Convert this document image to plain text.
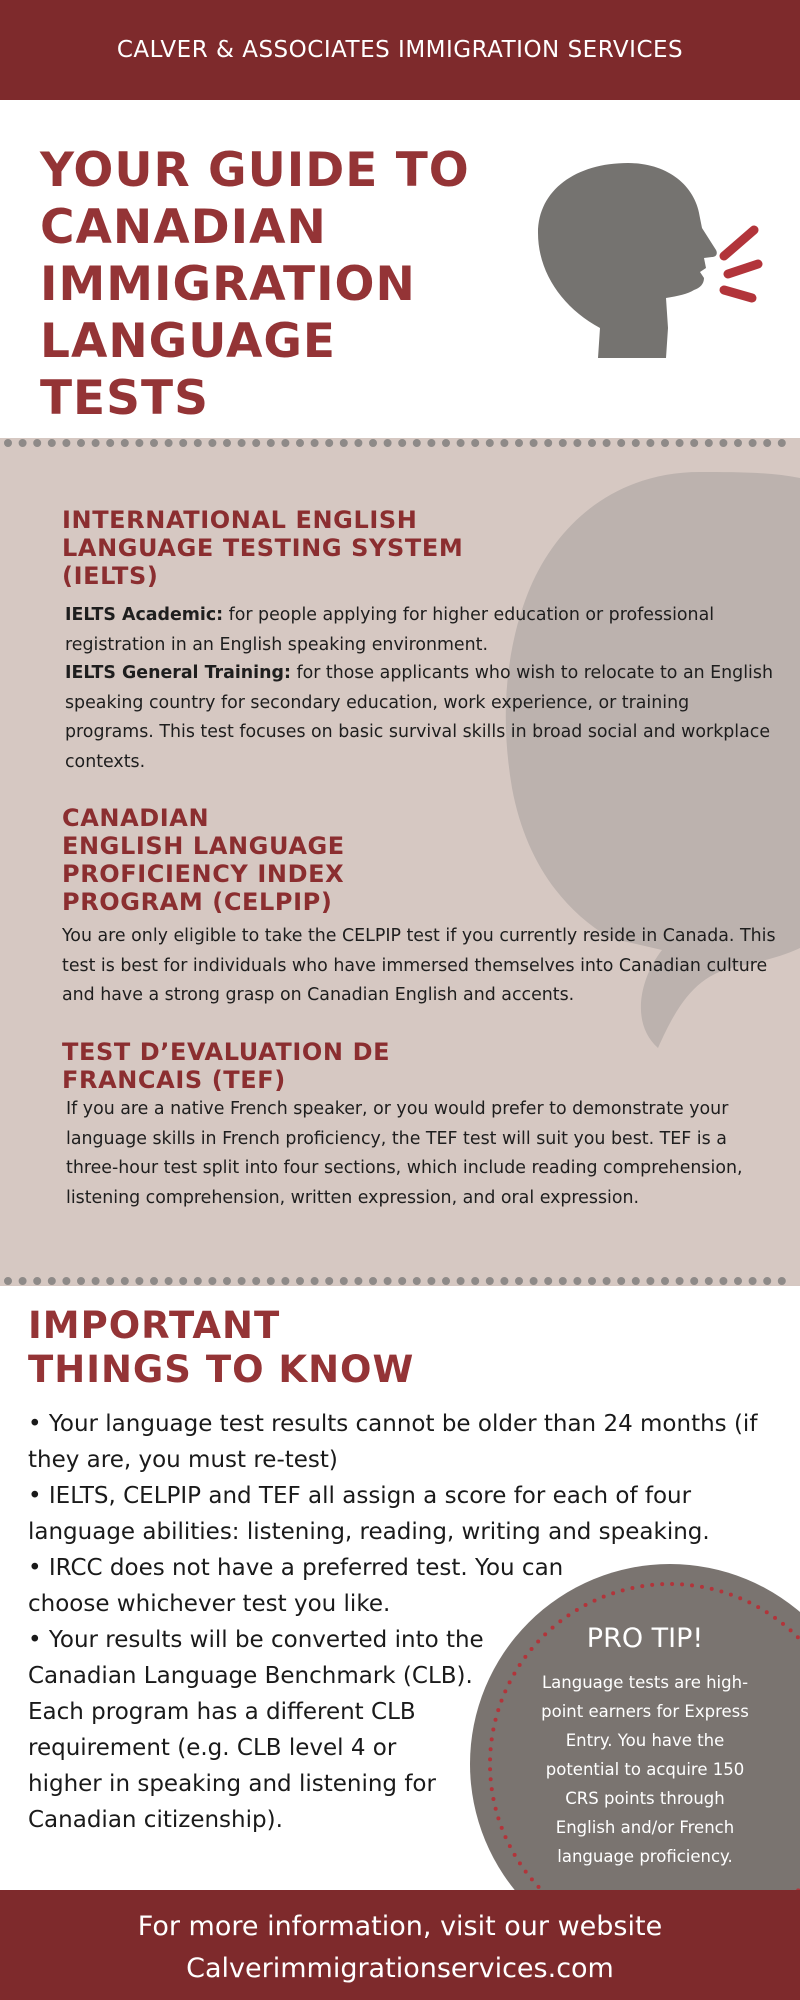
CALVER & ASSOCIATES IMMIGRATION SERVICES
YOUR GUIDE TO
CANADIAN
IMMIGRATION
LANGUAGE TESTS
INTERNATIONAL ENGLISH
LANGUAGE TESTING SYSTEM
(IELTS)

IELTS Academic: for people applying for higher education or professional registration in an English speaking environment.

IELTS General Training: for those applicants who wish to relocate to an English speaking country for secondary education, work experience, or training programs. This test focuses on basic survival skills in broad social and workplace contexts.

CANADIAN
ENGLISH LANGUAGE
PROFICIENCY INDEX
PROGRAM (CELPIP)

You are only eligible to take the CELPIP test if you currently reside in Canada. This test is best for individuals who have immersed themselves into Canadian culture and have a strong grasp on Canadian English and accents.

TEST D’EVALUATION DE
FRANCAIS (TEF)

If you are a native French speaker, or you would prefer to demonstrate your language skills in French proficiency, the TEF test will suit you best. TEF is a three-hour test split into four sections, which include reading comprehension, listening comprehension, written expression, and oral expression.

IMPORTANT
THINGS TO KNOW
• Your language test results cannot be older than 24 months (if
they are, you must re-test)
• IELTS, CELPIP and TEF all assign a score for each of four
language abilities: listening, reading, writing and speaking.
• IRCC does not have a preferred test. You can
choose whichever test you like.
• Your results will be converted into the
Canadian Language Benchmark (CLB).
Each program has a different CLB
requirement (e.g. CLB level 4 or
higher in speaking and listening for
Canadian citizenship).
PRO TIP!
Language tests are high-
point earners for Express
Entry. You have the
potential to acquire 150
CRS points through
English and/or French
language proficiency.
For more information, visit our website
Calverimmigrationservices.com
